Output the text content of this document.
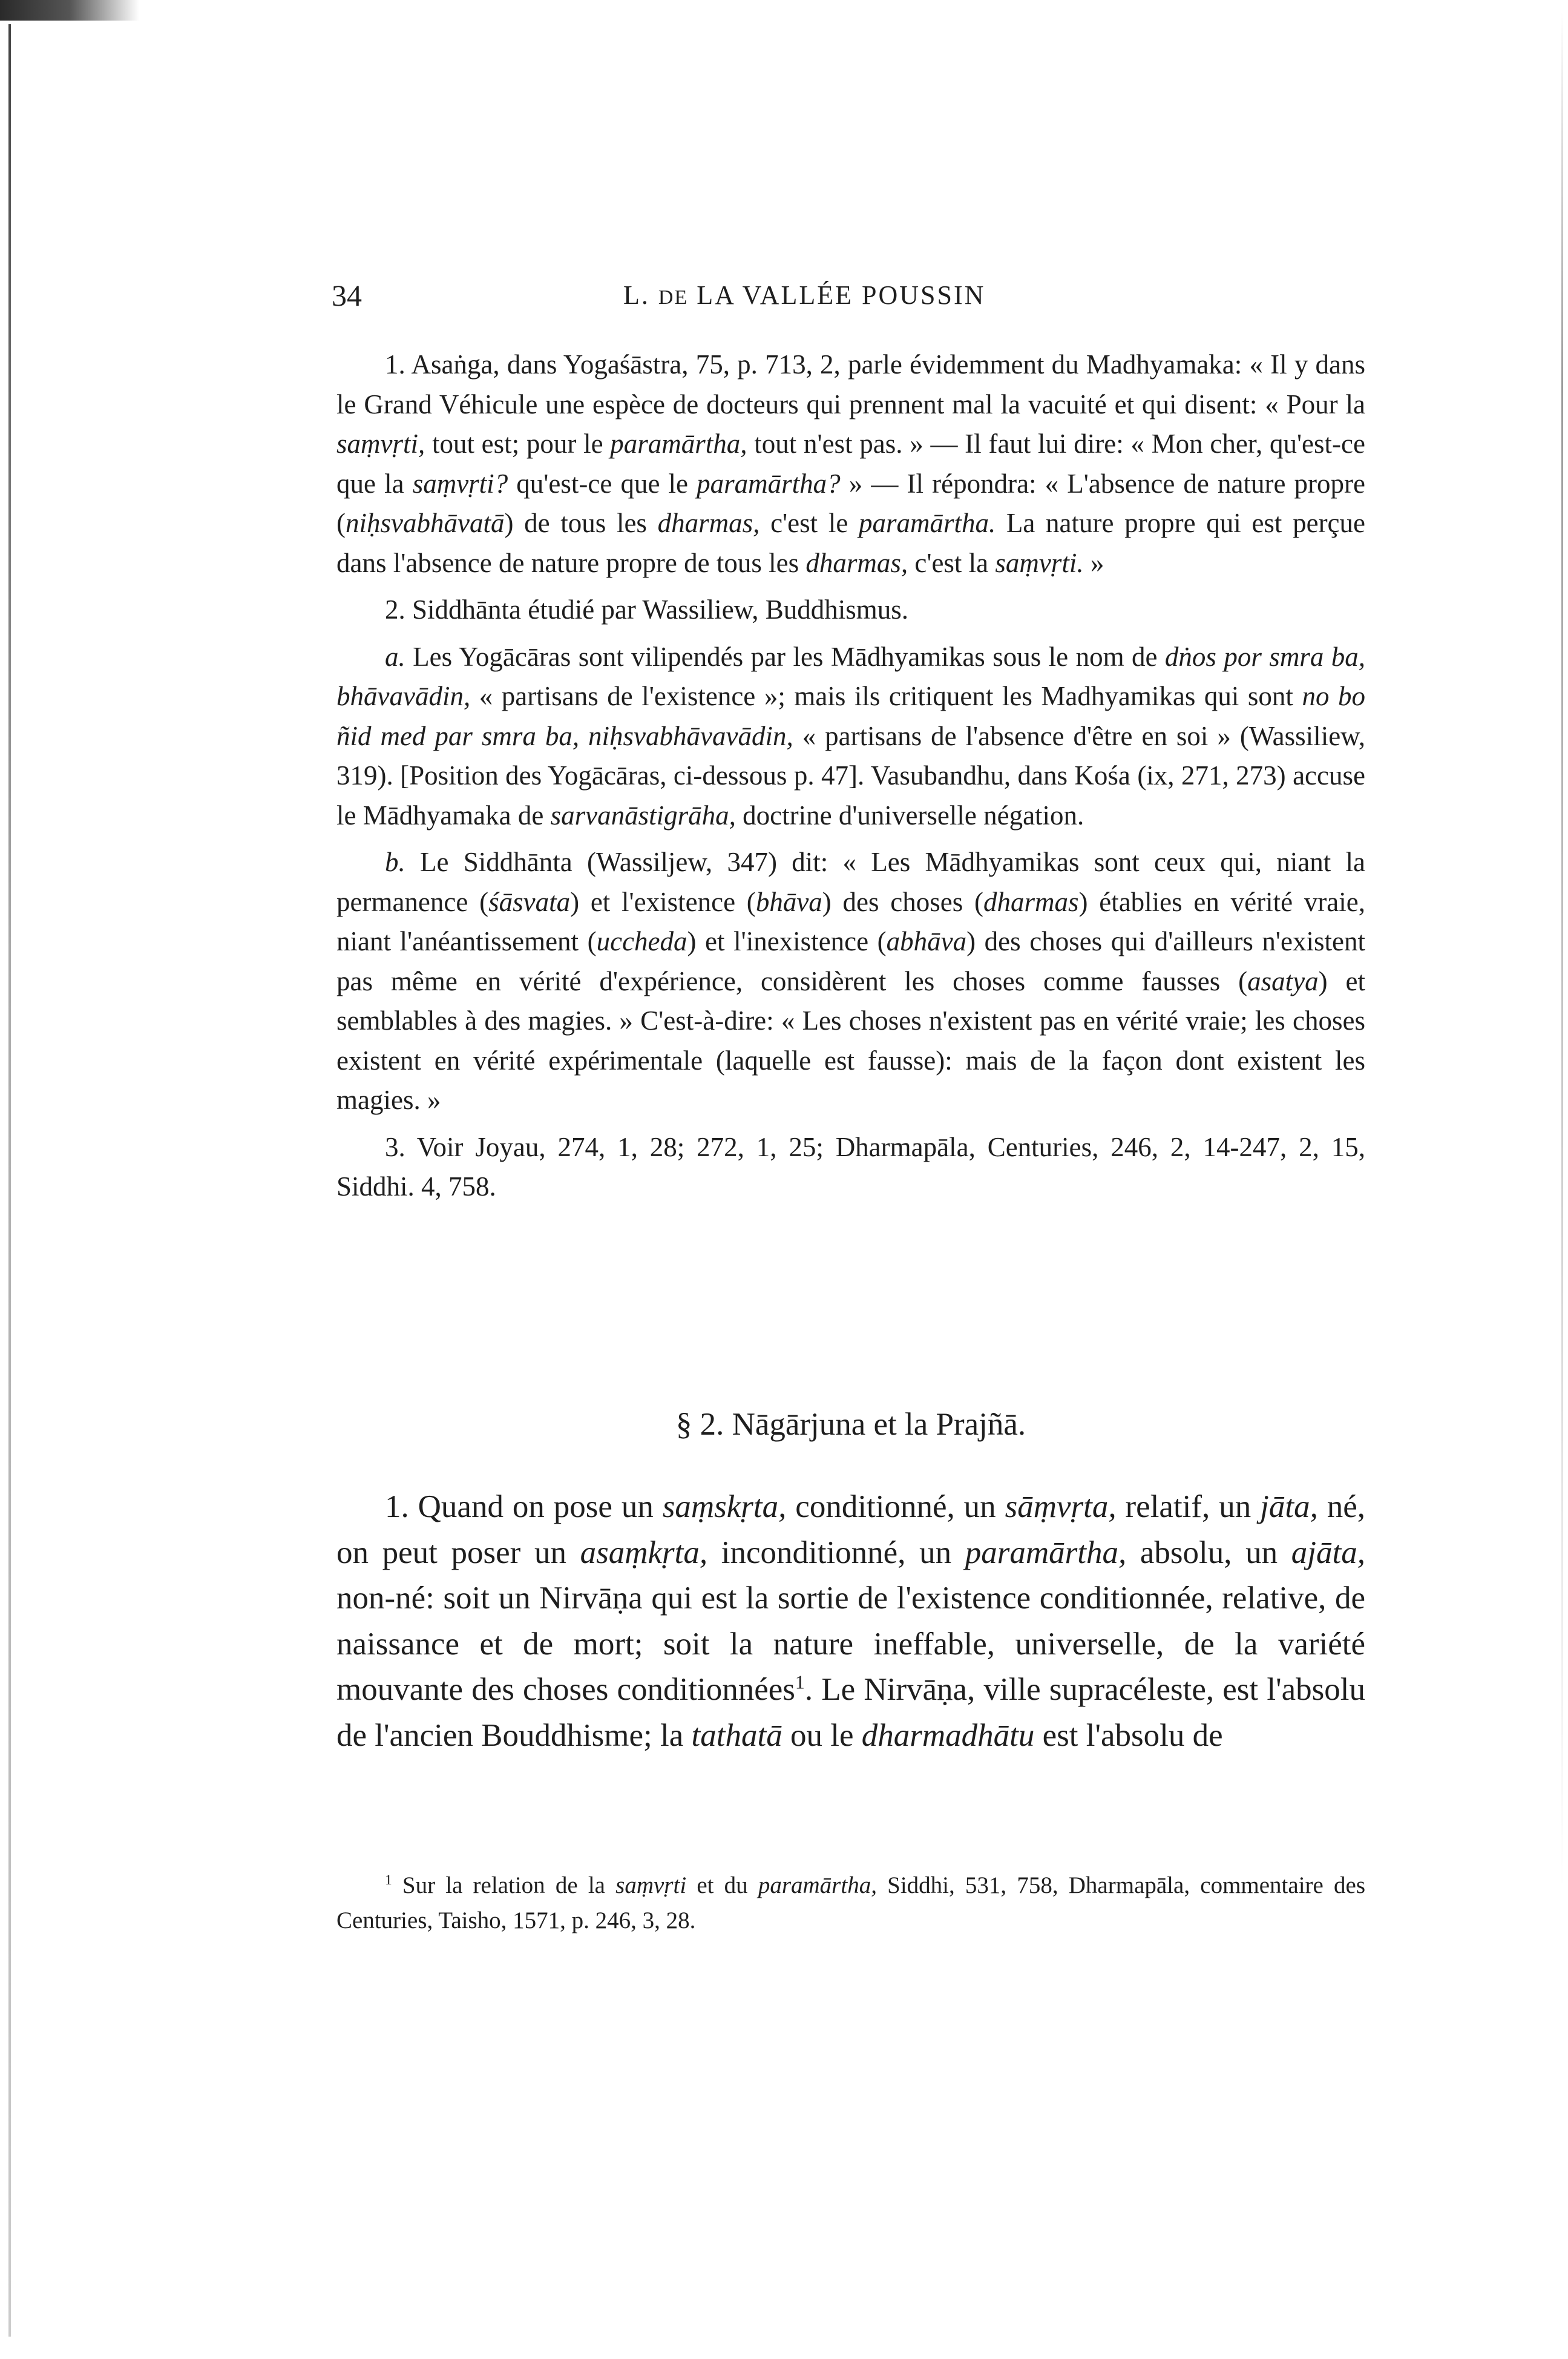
34	L. DE LA VALLÉE POUSSIN

1. Asaṅga, dans Yogaśāstra, 75, p. 713, 2, parle évidemment du Madhyamaka: « Il y dans le Grand Véhicule une espèce de docteurs qui prennent mal la vacuité et qui disent: « Pour la saṃvṛti, tout est; pour le paramārtha, tout n'est pas. » — Il faut lui dire: « Mon cher, qu'est-ce que la saṃvṛti? qu'est-ce que le paramārtha? » — Il répondra: « L'absence de nature propre (niḥsvabhāvatā) de tous les dharmas, c'est le paramārtha. La nature propre qui est perçue dans l'absence de nature propre de tous les dharmas, c'est la saṃvṛti. »

2. Siddhānta étudié par Wassiliew, Buddhismus.

a. Les Yogācāras sont vilipendés par les Mādhyamikas sous le nom de dṅos por smra ba, bhāvavādin, « partisans de l'existence »; mais ils critiquent les Madhyamikas qui sont no bo ñid med par smra ba, niḥsvabhāvavādin, « partisans de l'absence d'être en soi » (Wassiliew, 319). [Position des Yogācāras, ci-dessous p. 47]. Vasubandhu, dans Kośa (ix, 271, 273) accuse le Mādhyamaka de sarvanāstigrāha, doctrine d'universelle négation.

b. Le Siddhānta (Wassiljew, 347) dit: « Les Mādhyamikas sont ceux qui, niant la permanence (śāsvata) et l'existence (bhāva) des choses (dharmas) établies en vérité vraie, niant l'anéantissement (uccheda) et l'inexistence (abhāva) des choses qui d'ailleurs n'existent pas même en vérité d'expérience, considèrent les choses comme fausses (asatya) et semblables à des magies. » C'est-à-dire: « Les choses n'existent pas en vérité vraie; les choses existent en vérité expérimentale (laquelle est fausse): mais de la façon dont existent les magies. »

3. Voir Joyau, 274, 1, 28; 272, 1, 25; Dharmapāla, Centuries, 246, 2, 14-247, 2, 15, Siddhi. 4, 758.

§ 2. Nāgārjuna et la Prajñā.

1. Quand on pose un saṃskṛta, conditionné, un sāṃvṛta, relatif, un jāta, né, on peut poser un asaṃkṛta, inconditionné, un paramārtha, absolu, un ajāta, non-né: soit un Nirvāṇa qui est la sortie de l'existence conditionnée, relative, de naissance et de mort; soit la nature ineffable, universelle, de la variété mouvante des choses conditionnées$^1$. Le Nirvāṇa, ville supracéleste, est l'absolu de l'ancien Bouddhisme; la tathatā ou le dharmadhātu est l'absolu de

$^1$ Sur la relation de la saṃvṛti et du paramārtha, Siddhi, 531, 758, Dharmapāla, commentaire des Centuries, Taisho, 1571, p. 246, 3, 28.
